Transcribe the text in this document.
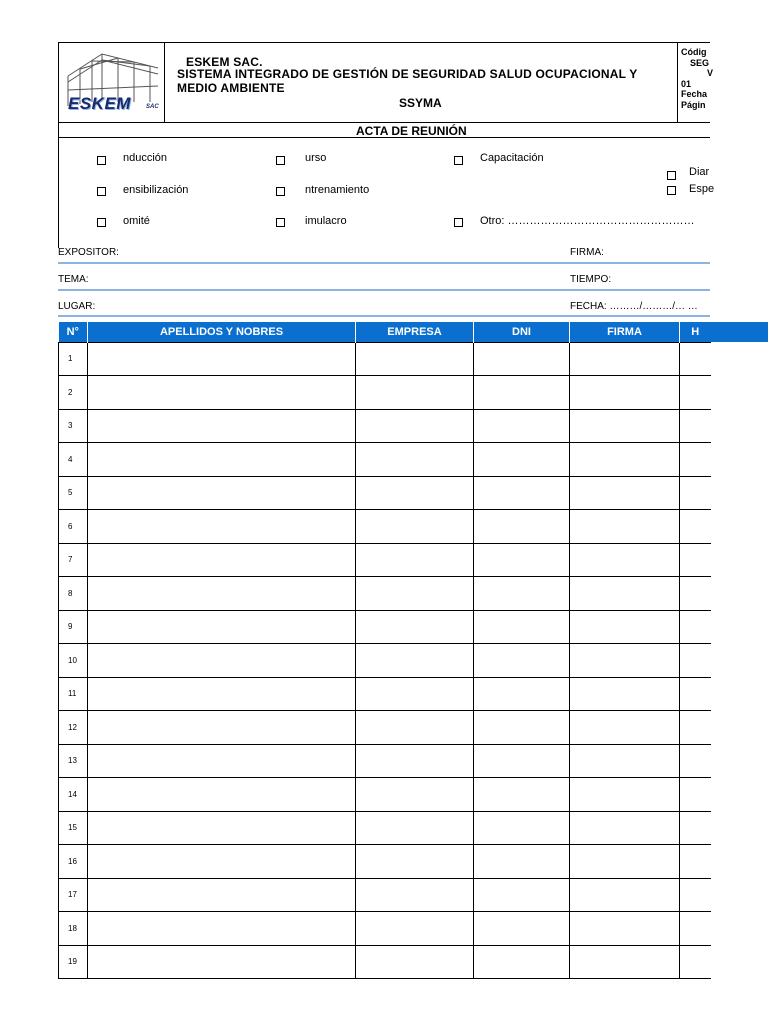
ESKEM	SAC
ESKEM SAC.
SISTEMA INTEGRADO DE GESTIÓN DE SEGURIDAD SALUD OCUPACIONAL Y
MEDIO AMBIENTE
SSYMA
Códig
SEG
V
01
Fecha
Págin
ACTA DE REUNIÓN
nducción	urso	Capacitación
Diar
ensibilización	ntrenamiento	Espe
omité	imulacro	Otro: ……………………………………………
EXPOSITOR:	FIRMA:
TEMA:	TIEMPO:
LUGAR:	FECHA: ………/………/… …
N°	APELLIDOS Y NOBRES	EMPRESA	DNI	FIRMA	H
1					
2					
3					
4					
5					
6					
7					
8					
9					
10					
11					
12					
13					
14					
15					
16					
17					
18					
19					
